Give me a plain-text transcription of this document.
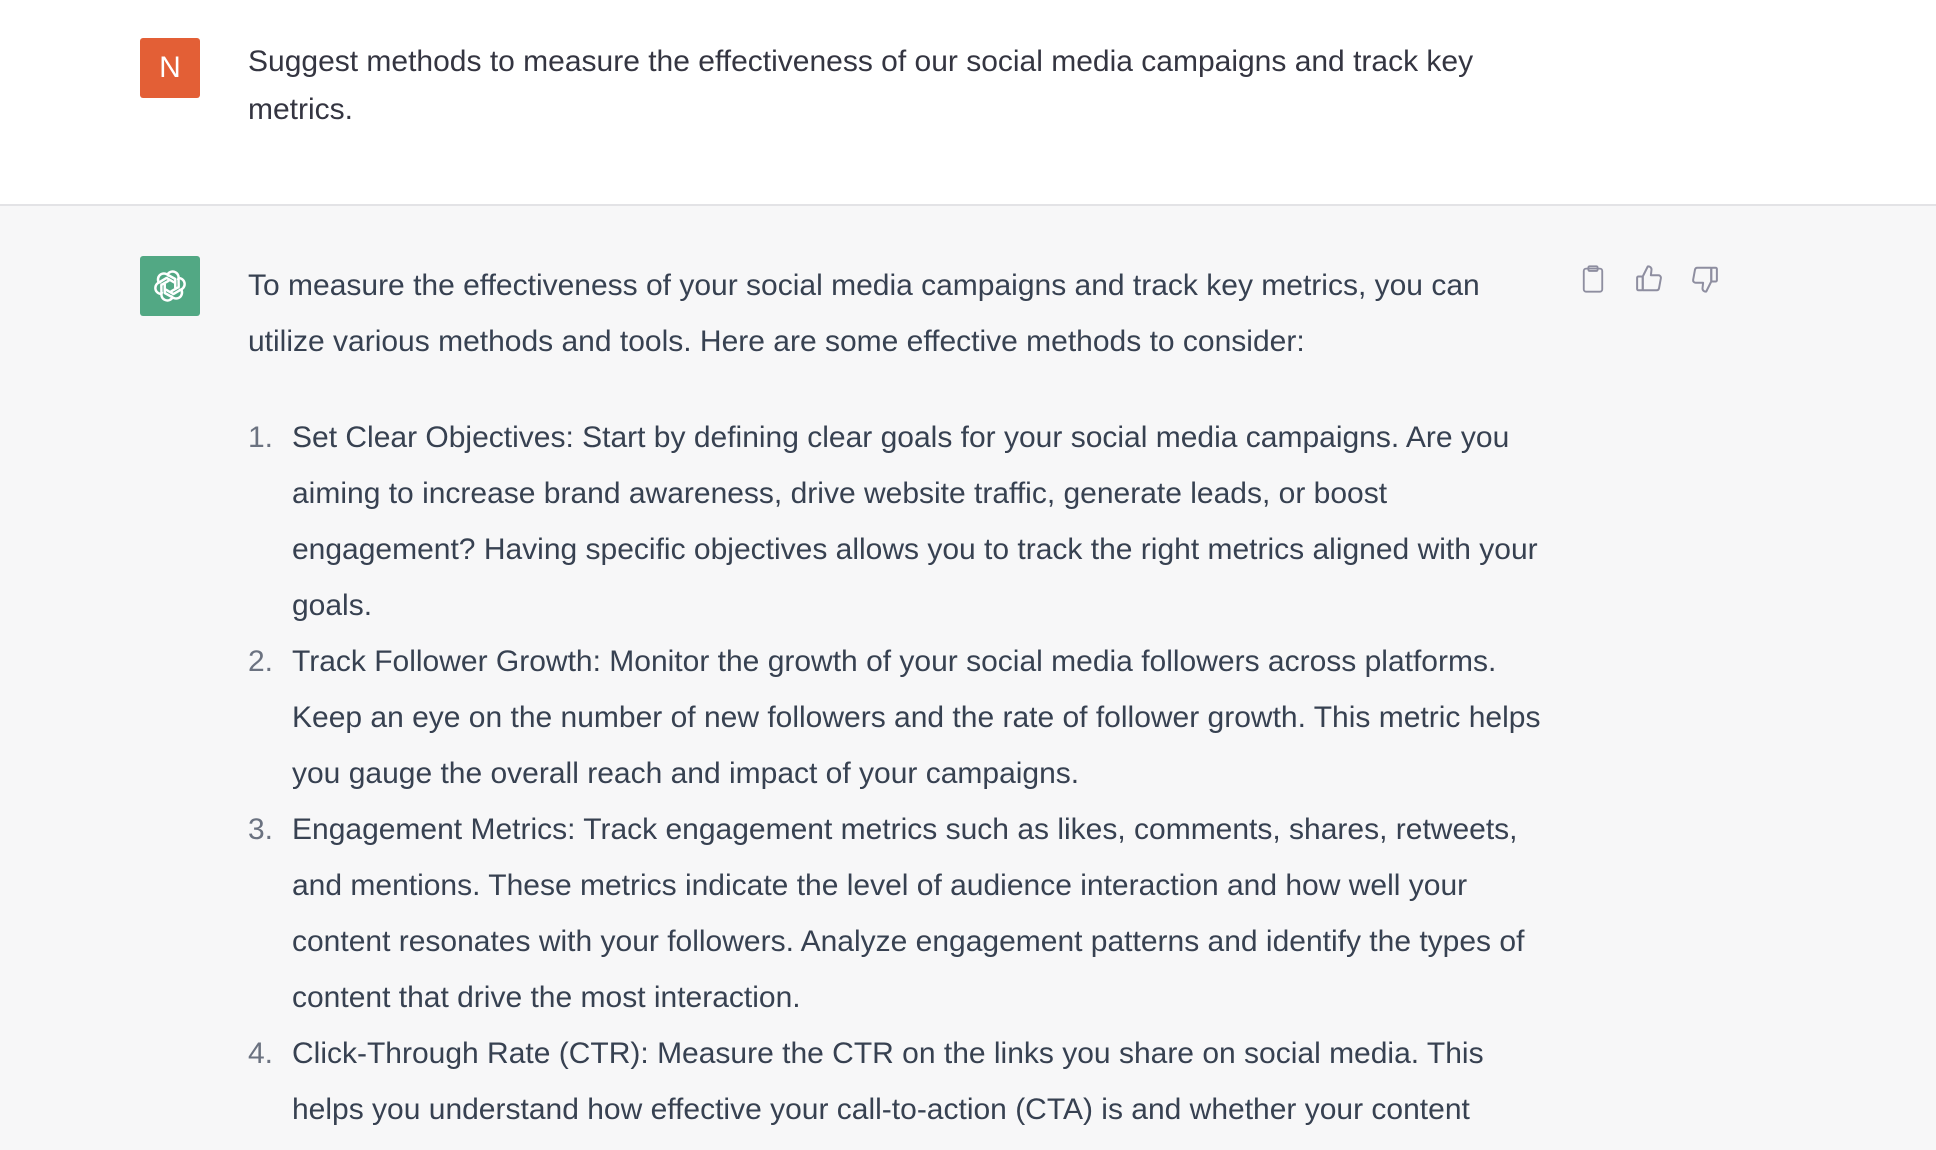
N	Suggest methods to measure the effectiveness of our social media campaigns and track key metrics.

To measure the effectiveness of your social media campaigns and track key metrics, you can utilize various methods and tools. Here are some effective methods to consider:

1. Set Clear Objectives: Start by defining clear goals for your social media campaigns. Are you aiming to increase brand awareness, drive website traffic, generate leads, or boost engagement? Having specific objectives allows you to track the right metrics aligned with your goals.
2. Track Follower Growth: Monitor the growth of your social media followers across platforms. Keep an eye on the number of new followers and the rate of follower growth. This metric helps you gauge the overall reach and impact of your campaigns.
3. Engagement Metrics: Track engagement metrics such as likes, comments, shares, retweets, and mentions. These metrics indicate the level of audience interaction and how well your content resonates with your followers. Analyze engagement patterns and identify the types of content that drive the most interaction.
4. Click-Through Rate (CTR): Measure the CTR on the links you share on social media. This helps you understand how effective your call-to-action (CTA) is and whether your content
